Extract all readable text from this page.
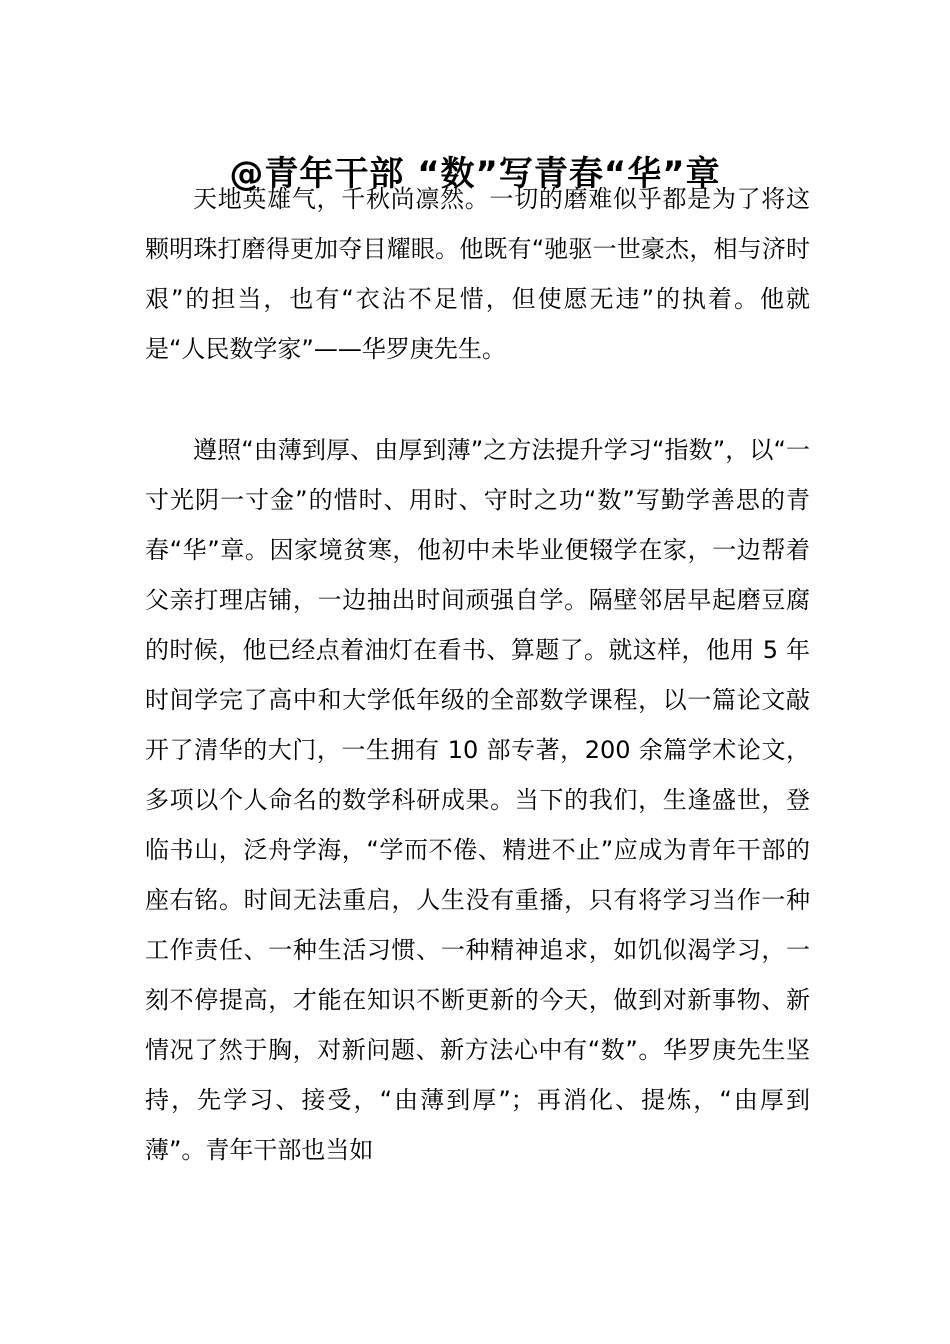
@青年干部 “数”写青春“华”章

天地英雄气，千秋尚凛然。一切的磨难似乎都是为了将这颗明珠打磨得更加夺目耀眼。他既有“驰驱一世豪杰，相与济时艰”的担当，也有“衣沾不足惜，但使愿无违”的执着。他就是“人民数学家”——华罗庚先生。

遵照“由薄到厚、由厚到薄”之方法提升学习“指数”，以“一寸光阴一寸金”的惜时、用时、守时之功“数”写勤学善思的青春“华”章。因家境贫寒，他初中未毕业便辍学在家，一边帮着父亲打理店铺，一边抽出时间顽强自学。隔壁邻居早起磨豆腐的时候，他已经点着油灯在看书、算题了。就这样，他用 5 年时间学完了高中和大学低年级的全部数学课程，以一篇论文敲开了清华的大门，一生拥有 10 部专著，200 余篇学术论文，多项以个人命名的数学科研成果。当下的我们，生逢盛世，登临书山，泛舟学海，“学而不倦、精进不止”应成为青年干部的座右铭。时间无法重启，人生没有重播，只有将学习当作一种工作责任、一种生活习惯、一种精神追求，如饥似渴学习，一刻不停提高，才能在知识不断更新的今天，做到对新事物、新情况了然于胸，对新问题、新方法心中有“数”。华罗庚先生坚持，先学习、接受，“由薄到厚”；再消化、提炼，“由厚到薄”。青年干部也当如
